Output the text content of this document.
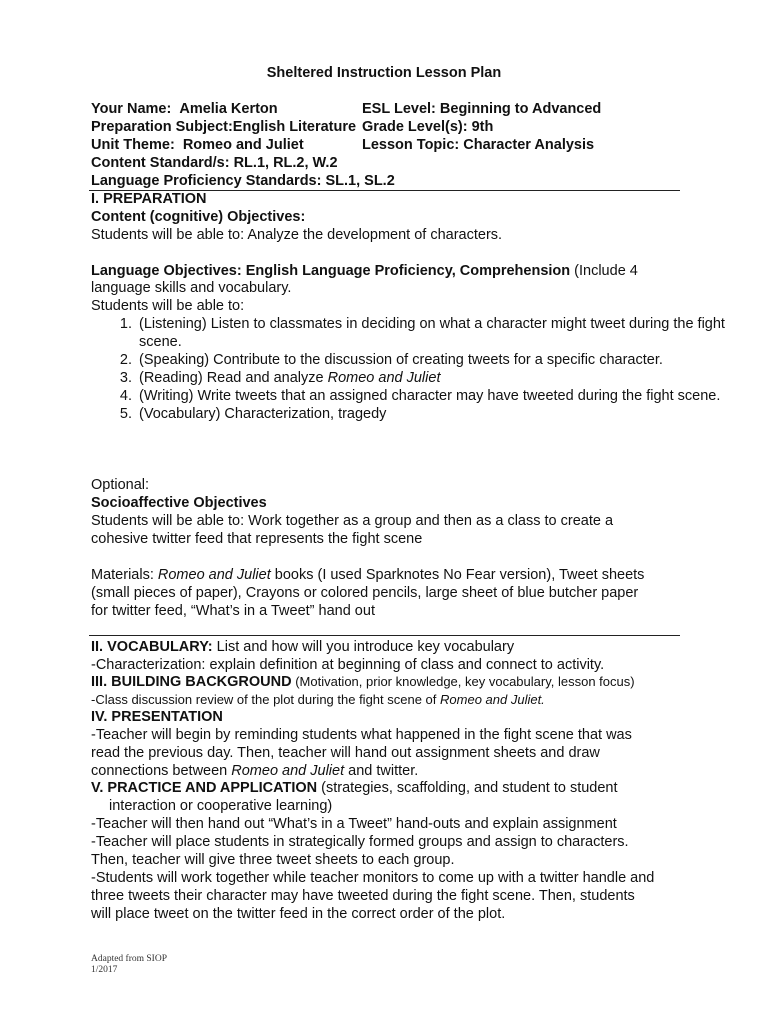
Sheltered Instruction Lesson Plan
Your Name: Amelia Kerton	ESL Level: Beginning to Advanced
Preparation Subject:English Literature Grade Level(s): 9th
Unit Theme: Romeo and Juliet	Lesson Topic: Character Analysis
Content Standard/s: RL.1, RL.2, W.2
Language Proficiency Standards: SL.1, SL.2
I. PREPARATION
Content (cognitive) Objectives:
Students will be able to: Analyze the development of characters.
Language Objectives: English Language Proficiency, Comprehension (Include 4
language skills and vocabulary.
Students will be able to:
1. (Listening) Listen to classmates in deciding on what a character might tweet during the fight scene.
2. (Speaking) Contribute to the discussion of creating tweets for a specific character.
3. (Reading) Read and analyze Romeo and Juliet
4. (Writing) Write tweets that an assigned character may have tweeted during the fight scene.
5. (Vocabulary) Characterization, tragedy
Optional:
Socioaffective Objectives
Students will be able to: Work together as a group and then as a class to create a
cohesive twitter feed that represents the fight scene
Materials: Romeo and Juliet books (I used Sparknotes No Fear version), Tweet sheets
(small pieces of paper), Crayons or colored pencils, large sheet of blue butcher paper
for twitter feed, “What’s in a Tweet” hand out
II. VOCABULARY: List and how will you introduce key vocabulary
-Characterization: explain definition at beginning of class and connect to activity.
III. BUILDING BACKGROUND (Motivation, prior knowledge, key vocabulary, lesson focus)
-Class discussion review of the plot during the fight scene of Romeo and Juliet.
IV. PRESENTATION
-Teacher will begin by reminding students what happened in the fight scene that was
read the previous day. Then, teacher will hand out assignment sheets and draw
connections between Romeo and Juliet and twitter.
V. PRACTICE AND APPLICATION (strategies, scaffolding, and student to student
interaction or cooperative learning)
-Teacher will then hand out “What’s in a Tweet” hand-outs and explain assignment
-Teacher will place students in strategically formed groups and assign to characters.
Then, teacher will give three tweet sheets to each group.
-Students will work together while teacher monitors to come up with a twitter handle and
three tweets their character may have tweeted during the fight scene. Then, students
will place tweet on the twitter feed in the correct order of the plot.
Adapted from SIOP
1/2017
